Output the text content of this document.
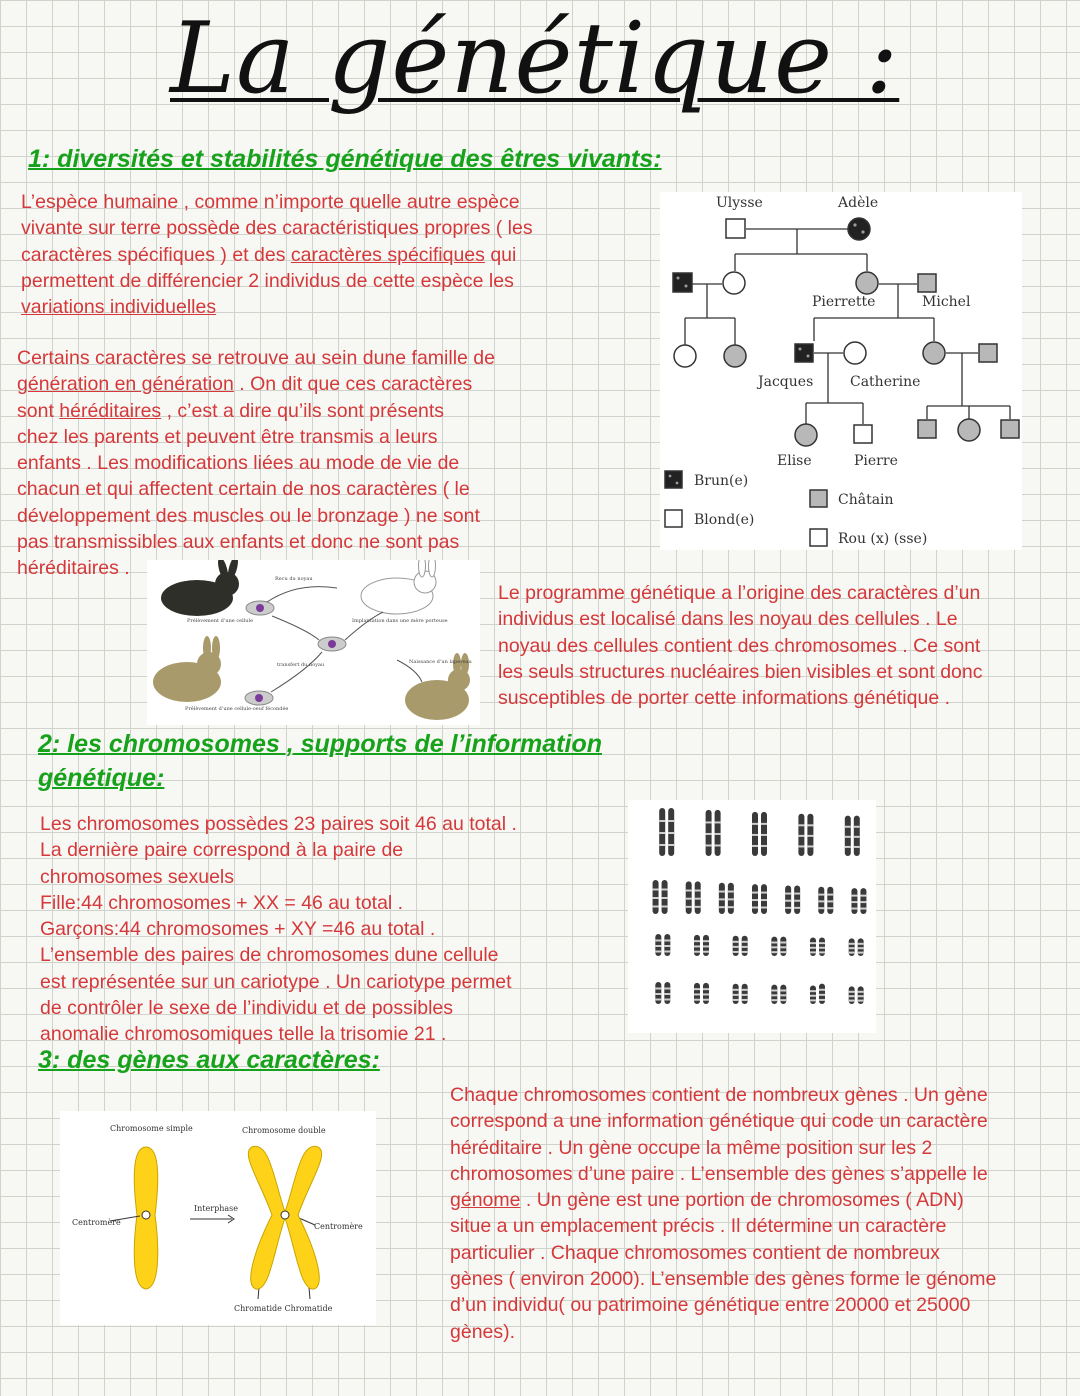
La génétique :
1: diversités et stabilités génétique des êtres vivants:
L’espèce humaine , comme n’importe quelle autre espèce
vivante sur terre possède des caractéristiques propres ( les
caractères spécifiques ) et des caractères spécifiques qui
permettent de différencier 2 individus de cette espèce les
variations individuelles
Certains caractères se retrouve au sein dune famille de
génération en génération . On dit que ces caractères
sont héréditaires , c’est a dire qu’ils sont présents
chez les parents et peuvent être transmis a leurs
enfants . Les modifications liées au mode de vie de
chacun et qui affectent certain de nos caractères ( le
développement des muscles ou le bronzage ) ne sont
pas transmissibles aux enfants et donc ne sont pas
héréditaires .
Ulysse	Adèle
Pierrette	Michel
Jacques	Catherine
Elise	Pierre
Brun(e)
Blond(e)
Châtain
Rou (x) (sse)
Recu du noyau
Prélèvement d’une cellule	Implantation dans une mère porteuse
transfert du noyau	Naissance d’un lapereau
Prélèvement d’une cellule-oeuf fécondée
Le programme génétique a l’origine des caractères d’un
individus est localisé dans les noyau des cellules . Le
noyau des cellules contient des chromosomes . Ce sont
les seuls structures nucléaires bien visibles et sont donc
susceptibles de porter cette informations génétique .
2: les chromosomes , supports de l’information
génétique:
Les chromosomes possèdes 23 paires soit 46 au total .
La dernière paire correspond à la paire de
chromosomes sexuels
Fille:44 chromosomes + XX = 46 au total .
Garçons:44 chromosomes + XY =46 au total .
L’ensemble des paires de chromosomes dune cellule
est représentée sur un cariotype . Un cariotype permet
de contrôler le sexe de l’individu et de possibles
anomalie chromosomiques telle la trisomie 21 .
3: des gènes aux caractères:
Chromosome simple	Chromosome double
Interphase
Centromère	Centromère
Chromatide Chromatide
Chaque chromosomes contient de nombreux gènes . Un gène
correspond a une information génétique qui code un caractère
héréditaire . Un gène occupe la même position sur les 2
chromosomes d’une paire . L’ensemble des gènes s’appelle le
génome . Un gène est une portion de chromosomes ( ADN)
situe a un emplacement précis . Il détermine un caractère
particulier . Chaque chromosomes contient de nombreux
gènes ( environ 2000). L’ensemble des gènes forme le génome
d’un individu( ou patrimoine génétique entre 20000 et 25000
gènes).
